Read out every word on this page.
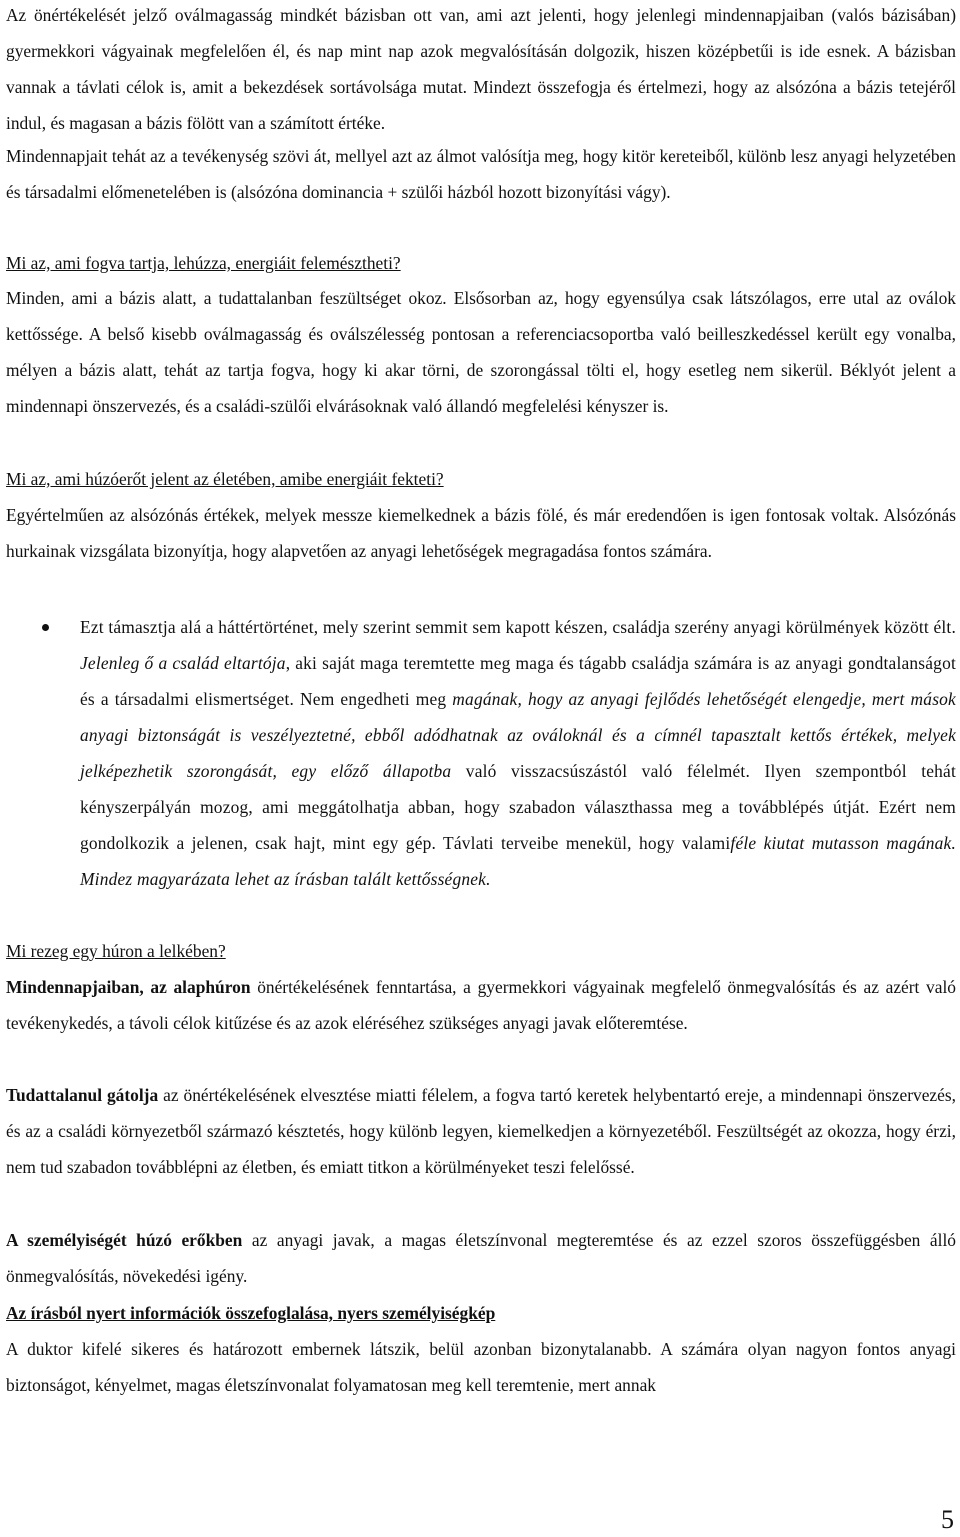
Az önértékelését jelző oválmagasság mindkét bázisban ott van, ami azt jelenti, hogy jelenlegi mindennapjaiban (valós bázisában) gyermekkori vágyainak megfelelően él, és nap mint nap azok megvalósításán dolgozik, hiszen középbetűi is ide esnek. A bázisban vannak a távlati célok is, amit a bekezdések sortávolsága mutat. Mindezt összefogja és értelmezi, hogy az alsózóna a bázis tetejéről indul, és magasan a bázis fölött van a számított értéke.

Mindennapjait tehát az a tevékenység szövi át, mellyel azt az álmot valósítja meg, hogy kitör kereteiből, különb lesz anyagi helyzetében és társadalmi előmenetelében is (alsózóna dominancia + szülői házból hozott bizonyítási vágy).

Mi az, ami fogva tartja, lehúzza, energiáit felemésztheti?

Minden, ami a bázis alatt, a tudattalanban feszültséget okoz. Elsősorban az, hogy egyensúlya csak látszólagos, erre utal az oválok kettőssége. A belső kisebb oválmagasság és oválszélesség pontosan a referenciacsoportba való beilleszkedéssel került egy vonalba, mélyen a bázis alatt, tehát az tartja fogva, hogy ki akar törni, de szorongással tölti el, hogy esetleg nem sikerül. Béklyót jelent a mindennapi önszervezés, és a családi-szülői elvárásoknak való állandó megfelelési kényszer is.

Mi az, ami húzóerőt jelent az életében, amibe energiáit fekteti?

Egyértelműen az alsózónás értékek, melyek messze kiemelkednek a bázis fölé, és már eredendően is igen fontosak voltak. Alsózónás hurkainak vizsgálata bizonyítja, hogy alapvetően az anyagi lehetőségek megragadása fontos számára.

Ezt támasztja alá a háttértörténet, mely szerint semmit sem kapott készen, családja szerény anyagi körülmények között élt. Jelenleg ő a család eltartója, aki saját maga teremtette meg maga és tágabb családja számára is az anyagi gondtalanságot és a társadalmi elismertséget. Nem engedheti meg magának, hogy az anyagi fejlődés lehetőségét elengedje, mert mások anyagi biztonságát is veszélyeztetné, ebből adódhatnak az ováloknál és a címnél tapasztalt kettős értékek, melyek jelképezhetik szorongását, egy előző állapotba való visszacsúszástól való félelmét. Ilyen szempontból tehát kényszerpályán mozog, ami meggátolhatja abban, hogy szabadon választhassa meg a továbblépés útját. Ezért nem gondolkozik a jelenen, csak hajt, mint egy gép. Távlati terveibe menekül, hogy valamiféle kiutat mutasson magának. Mindez magyarázata lehet az írásban talált kettősségnek.

Mi rezeg egy húron a lelkében?

Mindennapjaiban, az alaphúron önértékelésének fenntartása, a gyermekkori vágyainak megfelelő önmegvalósítás és az azért való tevékenykedés, a távoli célok kitűzése és az azok eléréséhez szükséges anyagi javak előteremtése.

Tudattalanul gátolja az önértékelésének elvesztése miatti félelem, a fogva tartó keretek helybentartó ereje, a mindennapi önszervezés, és az a családi környezetből származó késztetés, hogy különb legyen, kiemelkedjen a környezetéből. Feszültségét az okozza, hogy érzi, nem tud szabadon továbblépni az életben, és emiatt titkon a körülményeket teszi felelőssé.

A személyiségét húzó erőkben az anyagi javak, a magas életszínvonal megteremtése és az ezzel szoros összefüggésben álló önmegvalósítás, növekedési igény.

Az írásból nyert információk összefoglalása, nyers személyiségkép

A duktor kifelé sikeres és határozott embernek látszik, belül azonban bizonytalanabb. A számára olyan nagyon fontos anyagi biztonságot, kényelmet, magas életszínvonalat folyamatosan meg kell teremtenie, mert annak

5
